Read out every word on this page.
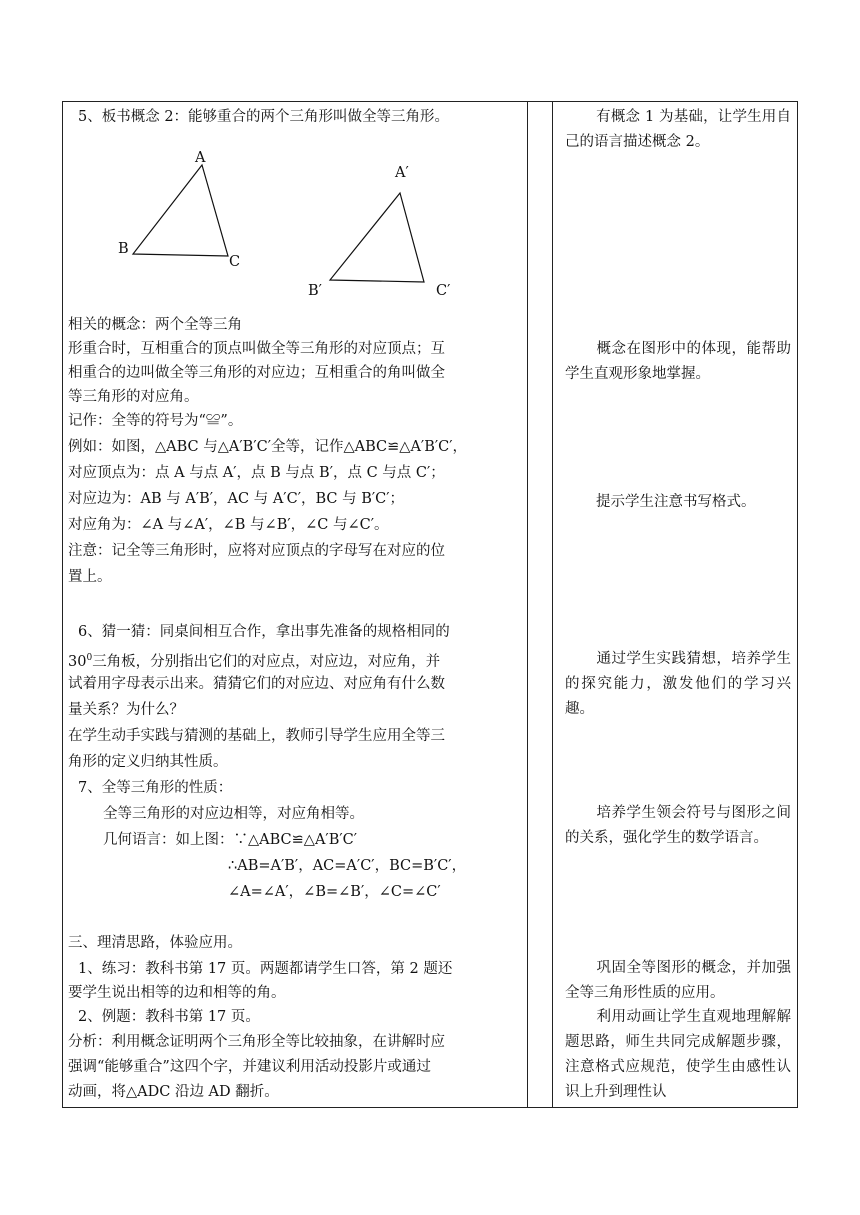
5、板书概念 2：能够重合的两个三角形叫做全等三角形。
A
B
C
A′
B′	C′
相关的概念：两个全等三角
形重合时，互相重合的顶点叫做全等三角形的对应顶点；互
相重合的边叫做全等三角形的对应边；互相重合的角叫做全
等三角形的对应角。
记作：全等的符号为“≌”。
例如：如图，△ABC 与△A′B′C′全等，记作△ABC≌△A′B′C′，
对应顶点为：点 A 与点 A′，点 B 与点 B′，点 C 与点 C′；
对应边为：AB 与 A′B′，AC 与 A′C′，BC 与 B′C′；
对应角为：∠A 与∠A′，∠B 与∠B′，∠C 与∠C′。
注意：记全等三角形时，应将对应顶点的字母写在对应的位
置上。
6、猜一猜：同桌间相互合作，拿出事先准备的规格相同的
$30^0$三角板，分别指出它们的对应点，对应边，对应角，并
试着用字母表示出来。猜猜它们的对应边、对应角有什么数
量关系？为什么？
在学生动手实践与猜测的基础上，教师引导学生应用全等三
角形的定义归纳其性质。
7、全等三角形的性质：
全等三角形的对应边相等，对应角相等。
几何语言：如上图：∵△ABC≌△A′B′C′
∴AB=A′B′，AC=A′C′，BC=B′C′，
∠A=∠A′，∠B=∠B′，∠C=∠C′
三、理清思路，体验应用。
1、练习：教科书第 17 页。两题都请学生口答，第 2 题还
要学生说出相等的边和相等的角。
2、例题：教科书第 17 页。
分析：利用概念证明两个三角形全等比较抽象，在讲解时应
强调“能够重合”这四个字，并建议利用活动投影片或通过
动画，将△ADC 沿边 AD 翻折。
有概念 1 为基础，让学生用自己的语言描述概念 2。
概念在图形中的体现，能帮助学生直观形象地掌握。
提示学生注意书写格式。
通过学生实践猜想，培养学生的探究能力，激发他们的学习兴趣。
培养学生领会符号与图形之间的关系，强化学生的数学语言。
巩固全等图形的概念，并加强全等三角形性质的应用。
利用动画让学生直观地理解解题思路，师生共同完成解题步骤，注意格式应规范，使学生由感性认识上升到理性认
